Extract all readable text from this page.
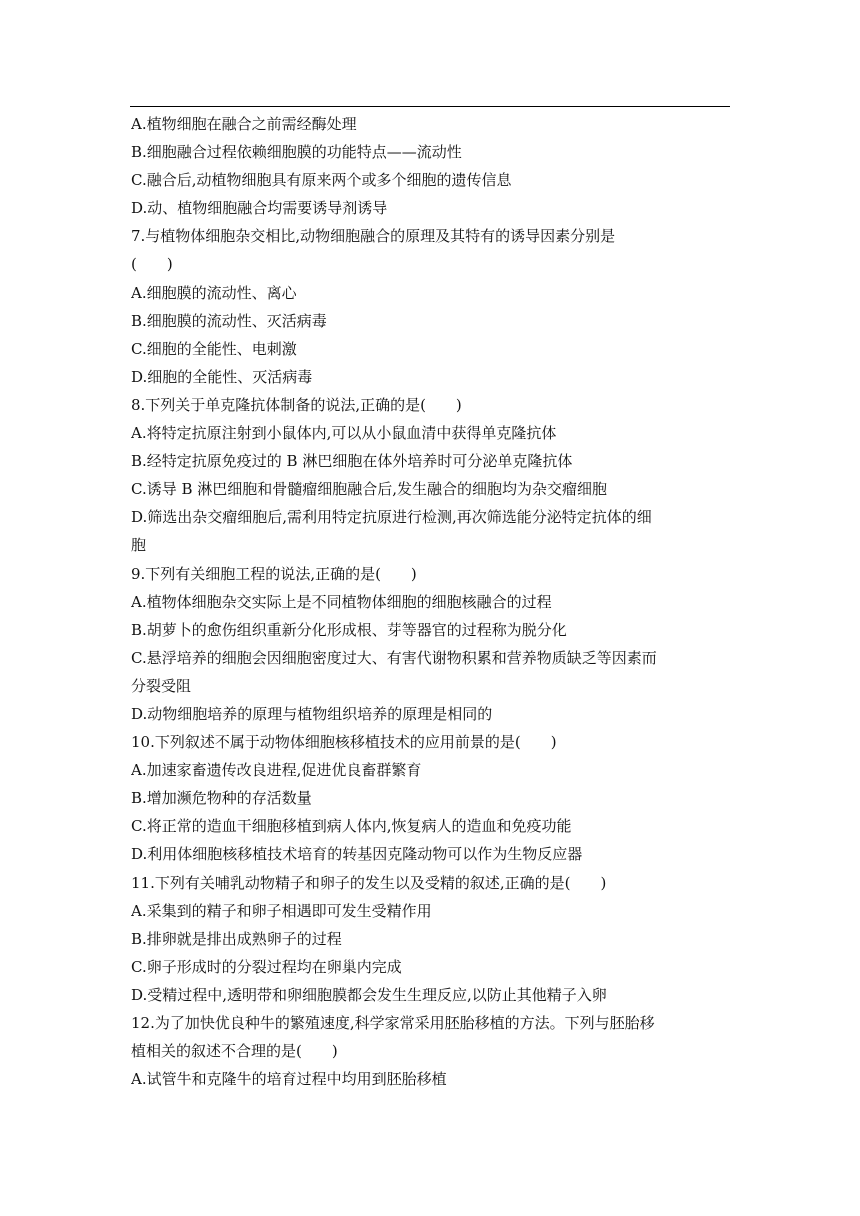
A.植物细胞在融合之前需经酶处理
B.细胞融合过程依赖细胞膜的功能特点——流动性
C.融合后,动植物细胞具有原来两个或多个细胞的遗传信息
D.动、植物细胞融合均需要诱导剂诱导
7.与植物体细胞杂交相比,动物细胞融合的原理及其特有的诱导因素分别是
(　　)
A.细胞膜的流动性、离心
B.细胞膜的流动性、灭活病毒
C.细胞的全能性、电刺激
D.细胞的全能性、灭活病毒
8.下列关于单克隆抗体制备的说法,正确的是(　　)
A.将特定抗原注射到小鼠体内,可以从小鼠血清中获得单克隆抗体
B.经特定抗原免疫过的 B 淋巴细胞在体外培养时可分泌单克隆抗体
C.诱导 B 淋巴细胞和骨髓瘤细胞融合后,发生融合的细胞均为杂交瘤细胞
D.筛选出杂交瘤细胞后,需利用特定抗原进行检测,再次筛选能分泌特定抗体的细
胞
9.下列有关细胞工程的说法,正确的是(　　)
A.植物体细胞杂交实际上是不同植物体细胞的细胞核融合的过程
B.胡萝卜的愈伤组织重新分化形成根、芽等器官的过程称为脱分化
C.悬浮培养的细胞会因细胞密度过大、有害代谢物积累和营养物质缺乏等因素而
分裂受阻
D.动物细胞培养的原理与植物组织培养的原理是相同的
10.下列叙述不属于动物体细胞核移植技术的应用前景的是(　　)
A.加速家畜遗传改良进程,促进优良畜群繁育
B.增加濒危物种的存活数量
C.将正常的造血干细胞移植到病人体内,恢复病人的造血和免疫功能
D.利用体细胞核移植技术培育的转基因克隆动物可以作为生物反应器
11.下列有关哺乳动物精子和卵子的发生以及受精的叙述,正确的是(　　)
A.采集到的精子和卵子相遇即可发生受精作用
B.排卵就是排出成熟卵子的过程
C.卵子形成时的分裂过程均在卵巢内完成
D.受精过程中,透明带和卵细胞膜都会发生生理反应,以防止其他精子入卵
12.为了加快优良种牛的繁殖速度,科学家常采用胚胎移植的方法。下列与胚胎移
植相关的叙述不合理的是(　　)
A.试管牛和克隆牛的培育过程中均用到胚胎移植
